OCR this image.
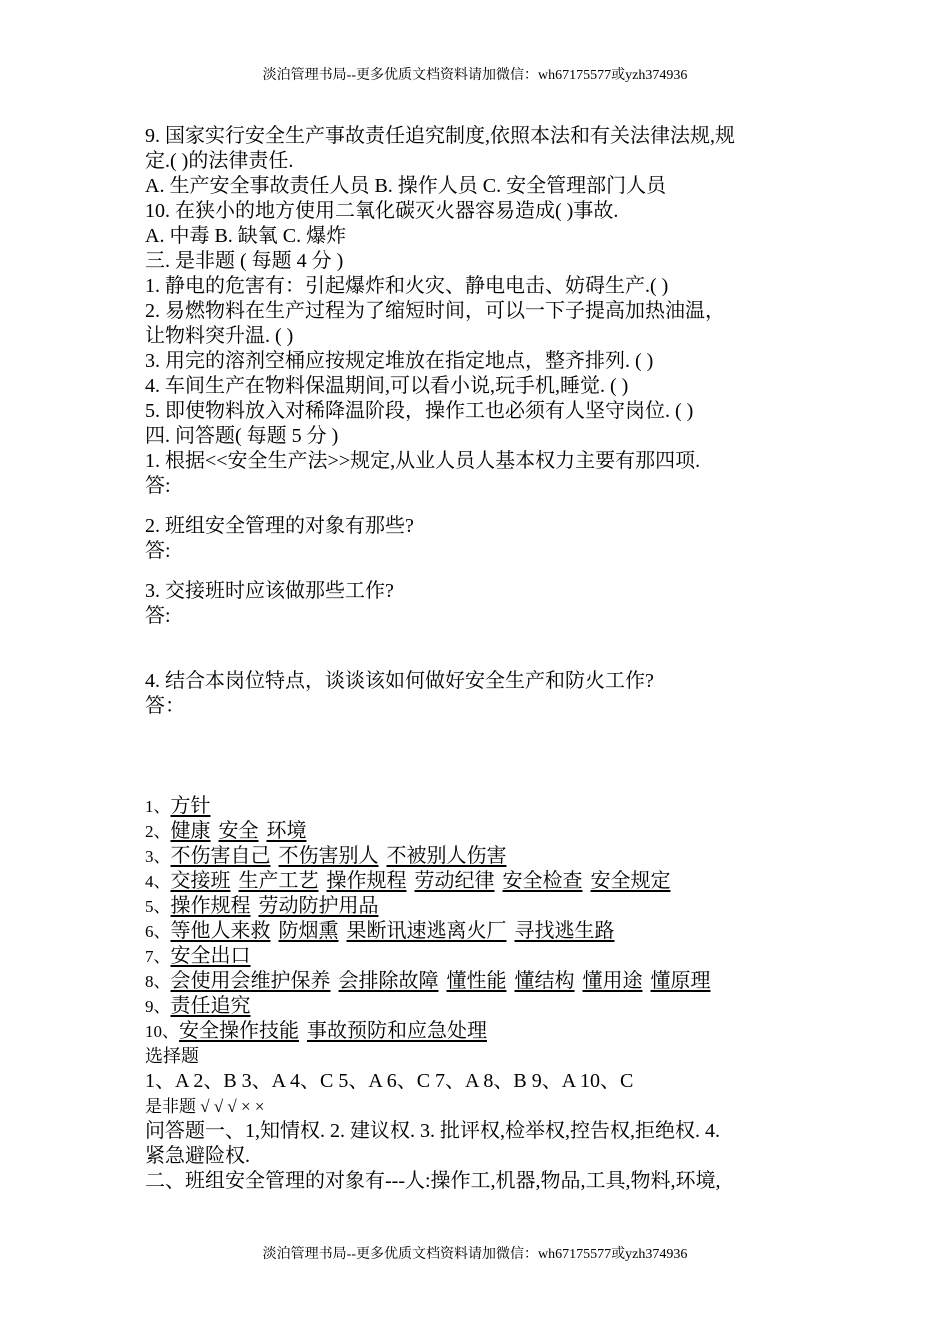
淡泊管理书局--更多优质文档资料请加微信：wh67175577或yzh374936
9. 国家实行安全生产事故责任追究制度,依照本法和有关法律法规,规
定.( )的法律责任.
A. 生产安全事故责任人员 B. 操作人员 C. 安全管理部门人员
10. 在狭小的地方使用二氧化碳灭火器容易造成( )事故.
A. 中毒 B. 缺氧 C. 爆炸
三. 是非题 ( 每题 4 分 )
1. 静电的危害有：引起爆炸和火灾、静电电击、妨碍生产.( )
2. 易燃物料在生产过程为了缩短时间，可以一下子提高加热油温，
让物料突升温. ( )
3. 用完的溶剂空桶应按规定堆放在指定地点，整齐排列. ( )
4. 车间生产在物料保温期间,可以看小说,玩手机,睡觉. ( )
5. 即使物料放入对稀降温阶段，操作工也必须有人坚守岗位. ( )
四. 问答题( 每题 5 分 )
1. 根据<<安全生产法>>规定,从业人员人基本权力主要有那四项.
答:
2. 班组安全管理的对象有那些?
答:
3. 交接班时应该做那些工作?
答:
4. 结合本岗位特点，谈谈该如何做好安全生产和防火工作?
答：
1、方针
2、健康 安全 环境
3、不伤害自己 不伤害别人 不被别人伤害
4、交接班 生产工艺 操作规程 劳动纪律 安全检查 安全规定
5、操作规程 劳动防护用品
6、等他人来救 防烟熏 果断讯速逃离火厂 寻找逃生路
7、安全出口
8、会使用会维护保养 会排除故障 懂性能 懂结构 懂用途 懂原理
9、责任追究
10、安全操作技能 事故预防和应急处理
选择题
1、A 2、B 3、A 4、C 5、A 6、C 7、A 8、B 9、A 10、C
是非题 √ √ √ × ×
问答题一、1,知情权. 2. 建议权. 3. 批评权,检举权,控告权,拒绝权. 4.
紧急避险权.
二、班组安全管理的对象有---人:操作工,机器,物品,工具,物料,环境,
淡泊管理书局--更多优质文档资料请加微信：wh67175577或yzh374936
